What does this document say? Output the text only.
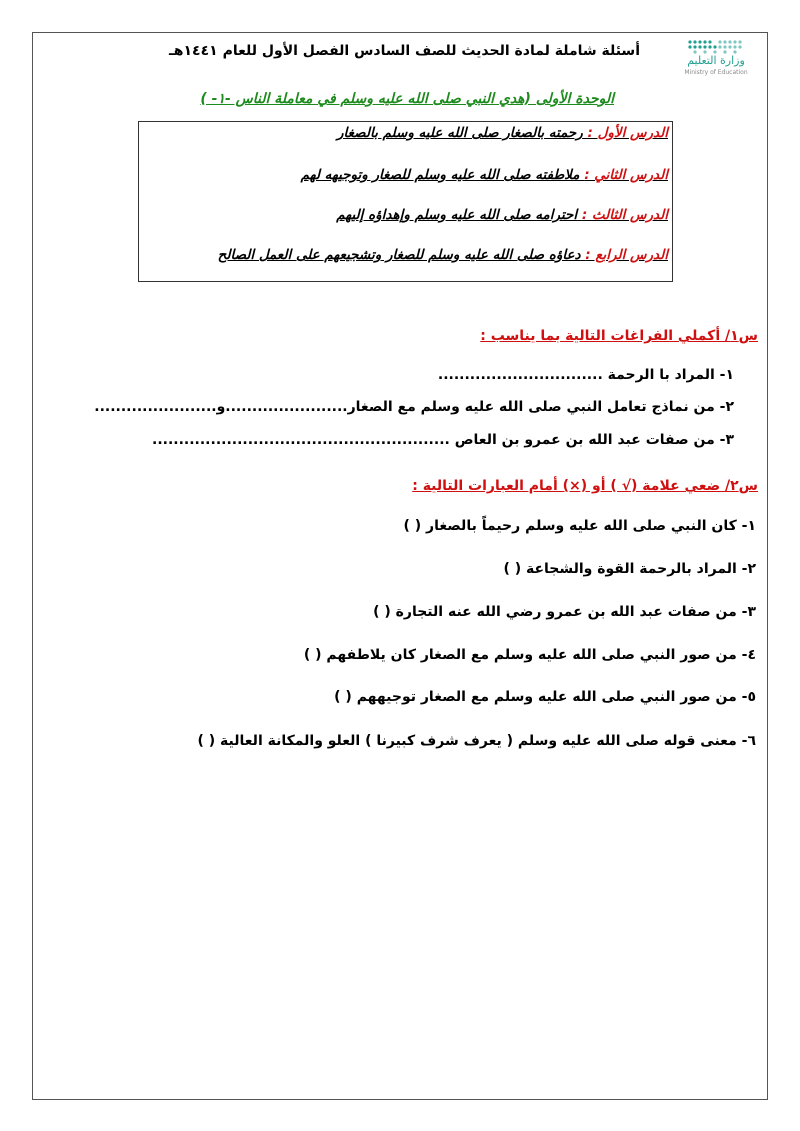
وزارة التعليم
Ministry of Education
أسئلة شاملة لمادة الحديث للصف السادس الفصل الأول للعام ١٤٤١هـ
الوحدة الأولى (هدي النبي صلى الله عليه وسلم في معاملة الناس -١- )
الدرس الأول : رحمته بالصغار صلى الله عليه وسلم بالصغار
الدرس الثاني : ملاطفته صلى الله عليه وسلم للصغار وتوجيهه لهم
الدرس الثالث : احترامه صلى الله عليه وسلم وإهداؤه إليهم
الدرس الرابع : دعاؤه صلى الله عليه وسلم للصغار وتشجيعهم على العمل الصالح
س١/ أكملي الفراغات التالية بما يناسب :
١- المراد با الرحمة ...............................
٢- من نماذج تعامل النبي صلى الله عليه وسلم مع الصغار.......................و.......................
٣- من صفات عبد الله بن عمرو بن العاص ........................................................
س٢/ ضعي علامة (√ ) أو (×) أمام العبارات التالية :
١- كان النبي صلى الله عليه وسلم رحيماً بالصغار ( )
٢- المراد بالرحمة القوة والشجاعة ( )
٣- من صفات عبد الله بن عمرو رضي الله عنه التجارة ( )
٤- من صور النبي صلى الله عليه وسلم مع الصغار كان يلاطفهم ( )
٥- من صور النبي صلى الله عليه وسلم مع الصغار توجيههم ( )
٦- معنى قوله صلى الله عليه وسلم ( يعرف شرف كبيرنا ) العلو والمكانة العالية ( )
